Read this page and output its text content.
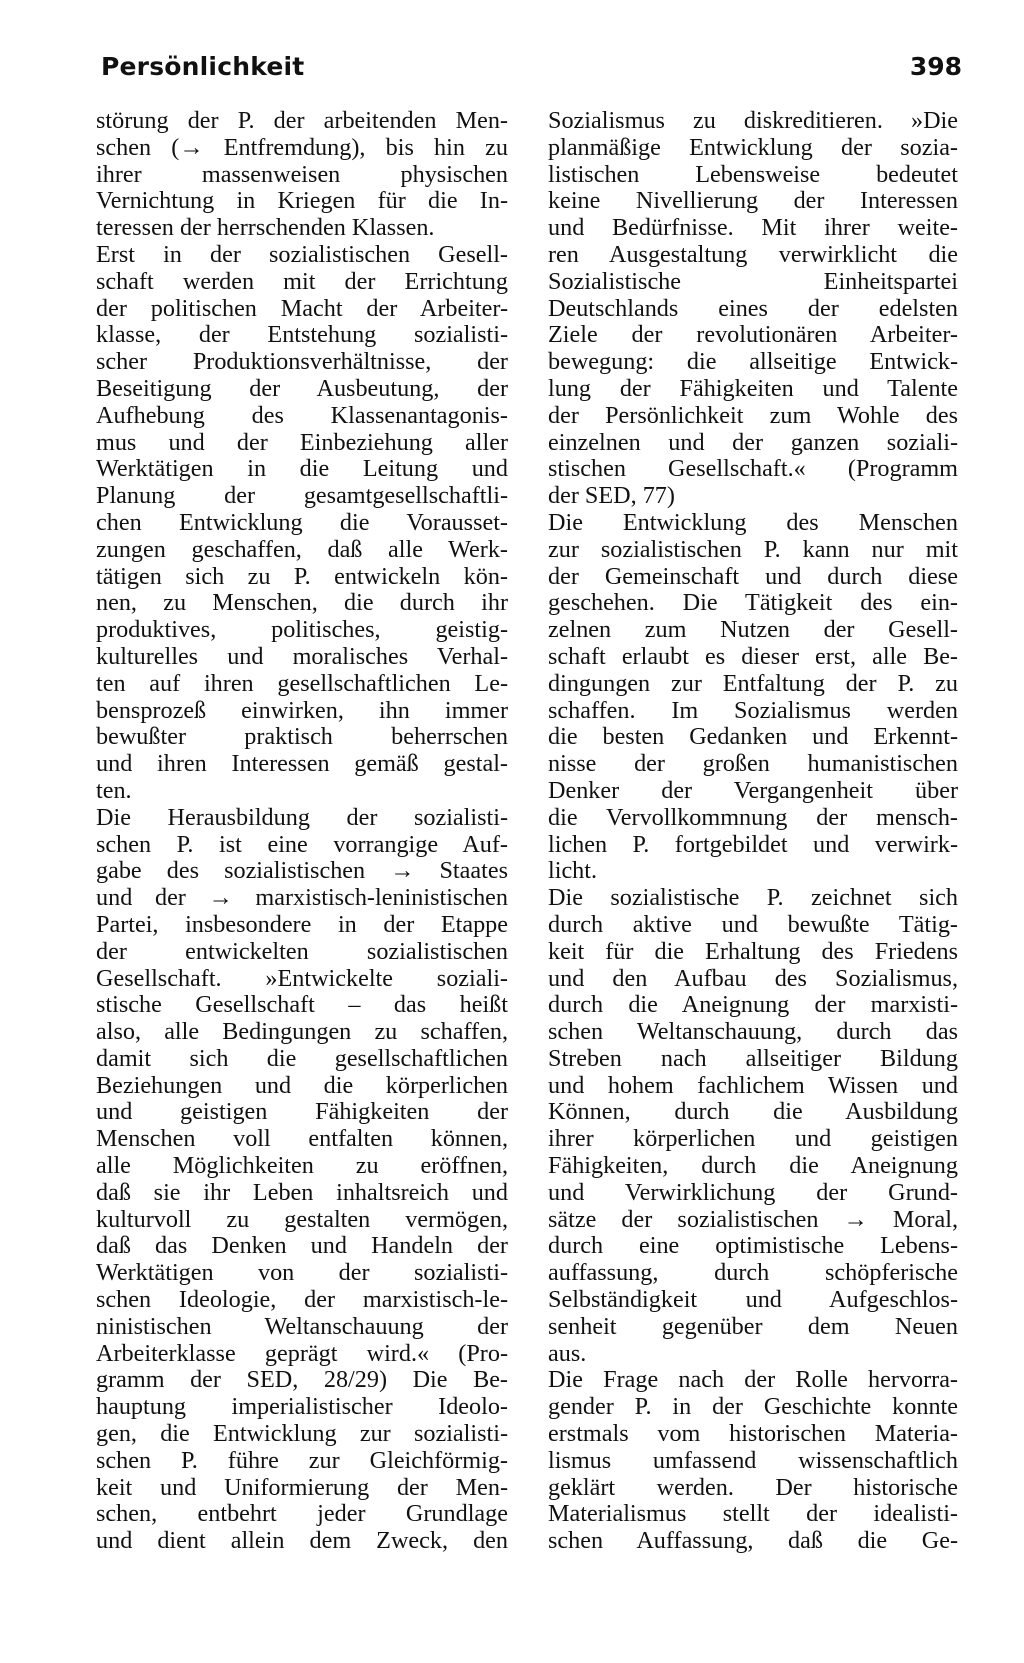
Persönlichkeit	398
störung der P. der arbeitenden Men-
schen (→ Entfremdung), bis hin zu
ihrer massenweisen physischen
Vernichtung in Kriegen für die In-
teressen der herrschenden Klassen.
Erst in der sozialistischen Gesell-
schaft werden mit der Errichtung
der politischen Macht der Arbeiter-
klasse, der Entstehung sozialisti-
scher Produktionsverhältnisse, der
Beseitigung der Ausbeutung, der
Aufhebung des Klassenantagonis-
mus und der Einbeziehung aller
Werktätigen in die Leitung und
Planung der gesamtgesellschaftli-
chen Entwicklung die Vorausset-
zungen geschaffen, daß alle Werk-
tätigen sich zu P. entwickeln kön-
nen, zu Menschen, die durch ihr
produktives, politisches, geistig-
kulturelles und moralisches Verhal-
ten auf ihren gesellschaftlichen Le-
bensprozeß einwirken, ihn immer
bewußter praktisch beherrschen
und ihren Interessen gemäß gestal-
ten.
Die Herausbildung der sozialisti-
schen P. ist eine vorrangige Auf-
gabe des sozialistischen → Staates
und der → marxistisch-leninistischen
Partei, insbesondere in der Etappe
der entwickelten sozialistischen
Gesellschaft. »Entwickelte soziali-
stische Gesellschaft – das heißt
also, alle Bedingungen zu schaffen,
damit sich die gesellschaftlichen
Beziehungen und die körperlichen
und geistigen Fähigkeiten der
Menschen voll entfalten können,
alle Möglichkeiten zu eröffnen,
daß sie ihr Leben inhaltsreich und
kulturvoll zu gestalten vermögen,
daß das Denken und Handeln der
Werktätigen von der sozialisti-
schen Ideologie, der marxistisch-le-
ninistischen Weltanschauung der
Arbeiterklasse geprägt wird.« (Pro-
gramm der SED, 28/29) Die Be-
hauptung imperialistischer Ideolo-
gen, die Entwicklung zur sozialisti-
schen P. führe zur Gleichförmig-
keit und Uniformierung der Men-
schen, entbehrt jeder Grundlage
und dient allein dem Zweck, den
Sozialismus zu diskreditieren. »Die
planmäßige Entwicklung der sozia-
listischen Lebensweise bedeutet
keine Nivellierung der Interessen
und Bedürfnisse. Mit ihrer weite-
ren Ausgestaltung verwirklicht die
Sozialistische Einheitspartei
Deutschlands eines der edelsten
Ziele der revolutionären Arbeiter-
bewegung: die allseitige Entwick-
lung der Fähigkeiten und Talente
der Persönlichkeit zum Wohle des
einzelnen und der ganzen soziali-
stischen Gesellschaft.« (Programm
der SED, 77)
Die Entwicklung des Menschen
zur sozialistischen P. kann nur mit
der Gemeinschaft und durch diese
geschehen. Die Tätigkeit des ein-
zelnen zum Nutzen der Gesell-
schaft erlaubt es dieser erst, alle Be-
dingungen zur Entfaltung der P. zu
schaffen. Im Sozialismus werden
die besten Gedanken und Erkennt-
nisse der großen humanistischen
Denker der Vergangenheit über
die Vervollkommnung der mensch-
lichen P. fortgebildet und verwirk-
licht.
Die sozialistische P. zeichnet sich
durch aktive und bewußte Tätig-
keit für die Erhaltung des Friedens
und den Aufbau des Sozialismus,
durch die Aneignung der marxisti-
schen Weltanschauung, durch das
Streben nach allseitiger Bildung
und hohem fachlichem Wissen und
Können, durch die Ausbildung
ihrer körperlichen und geistigen
Fähigkeiten, durch die Aneignung
und Verwirklichung der Grund-
sätze der sozialistischen → Moral,
durch eine optimistische Lebens-
auffassung, durch schöpferische
Selbständigkeit und Aufgeschlos-
senheit gegenüber dem Neuen
aus.
Die Frage nach der Rolle hervorra-
gender P. in der Geschichte konnte
erstmals vom historischen Materia-
lismus umfassend wissenschaftlich
geklärt werden. Der historische
Materialismus stellt der idealisti-
schen Auffassung, daß die Ge-
